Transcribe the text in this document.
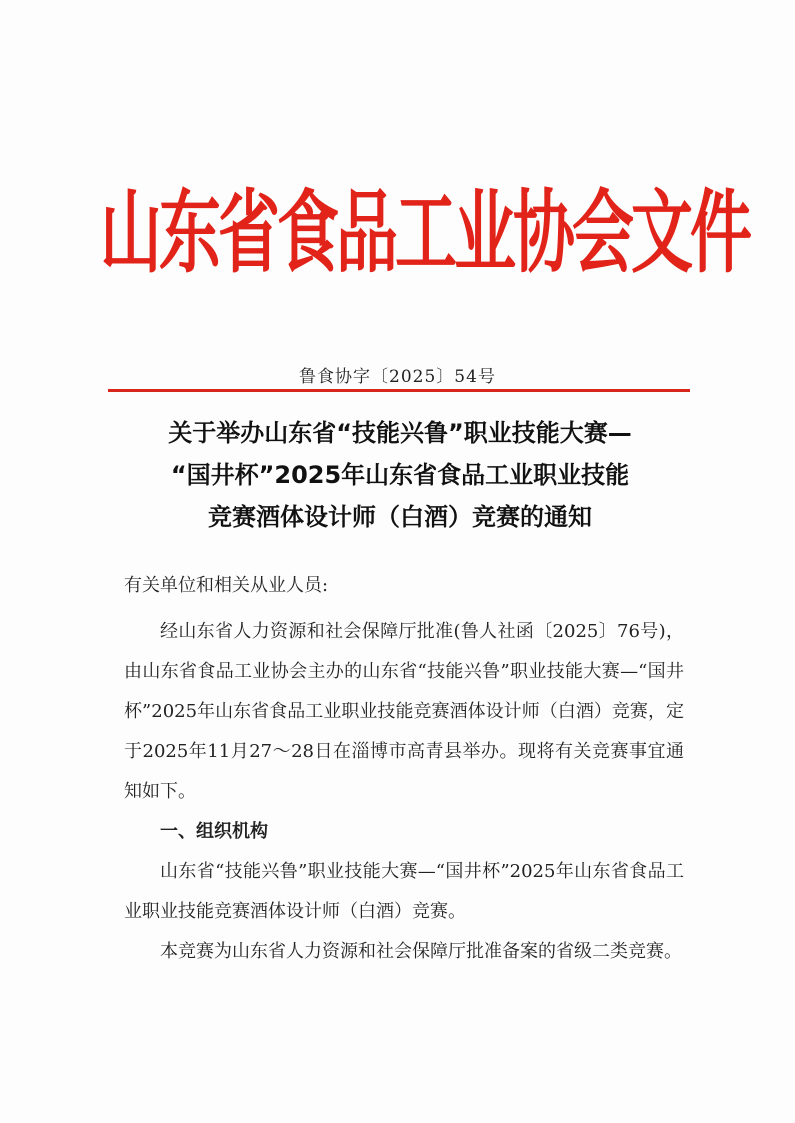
山东省食品工业协会文件
鲁食协字〔2025〕54号
关于举办山东省“技能兴鲁”职业技能大赛—
“国井杯”2025年山东省食品工业职业技能
竞赛酒体设计师（白酒）竞赛的通知

有关单位和相关从业人员:

经山东省人力资源和社会保障厅批准(鲁人社函〔2025〕76号)，由山东省食品工业协会主办的山东省“技能兴鲁”职业技能大赛—“国井杯”2025年山东省食品工业职业技能竞赛酒体设计师（白酒）竞赛，定于2025年11月27～28日在淄博市高青县举办。现将有关竞赛事宜通知如下。

一、组织机构

山东省“技能兴鲁”职业技能大赛—“国井杯”2025年山东省食品工业职业技能竞赛酒体设计师（白酒）竞赛。

本竞赛为山东省人力资源和社会保障厅批准备案的省级二类竞赛。
